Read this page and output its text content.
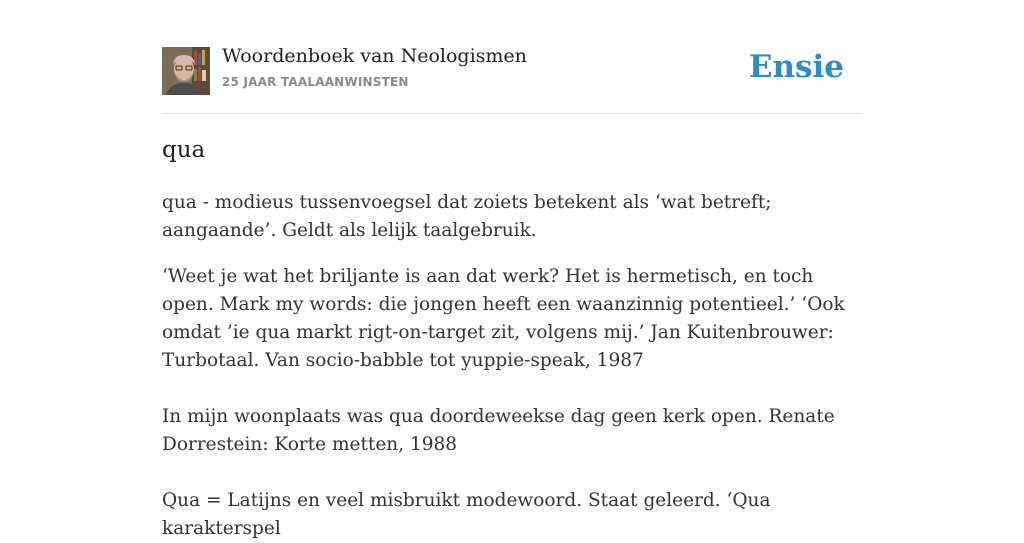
Woordenboek van Neologismen
25 JAAR TAALAANWINSTEN	Ensie
qua

qua - modieus tussenvoegsel dat zoiets betekent als ‘wat betreft; aangaande’. Geldt als lelijk taalgebruik.

‘Weet je wat het briljante is aan dat werk? Het is hermetisch, en toch open. Mark my words: die jongen heeft een waanzinnig potentieel.’ ‘Ook omdat ’ie qua markt rigt-on-target zit, volgens mij.’ Jan Kuitenbrouwer: Turbotaal. Van socio-babble tot yuppie-speak, 1987
In mijn woonplaats was qua doordeweekse dag geen kerk open. Renate Dorrestein: Korte metten, 1988
Qua = Latijns en veel misbruikt modewoord. Staat geleerd. ‘Qua karakterspel
